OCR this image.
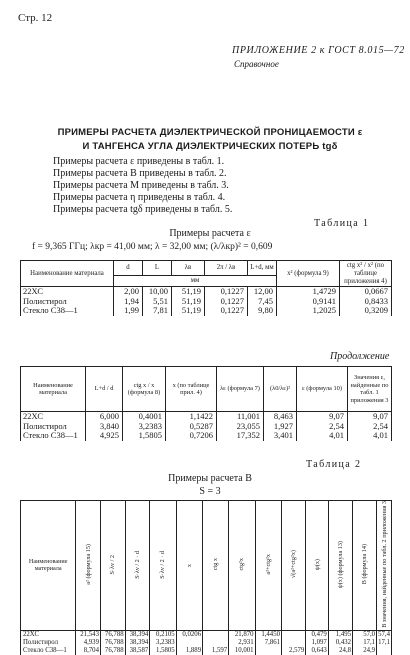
Стр. 12
ПРИЛОЖЕНИЕ 2 к ГОСТ 8.015—72
Справочное
ПРИМЕРЫ РАСЧЕТА ДИЭЛЕКТРИЧЕСКОЙ ПРОНИЦАЕМОСТИ ε
И ТАНГЕНСА УГЛА ДИЭЛЕКТРИЧЕСКИХ ПОТЕРЬ tgδ
Примеры расчета ε приведены в табл. 1.
Примеры расчета B приведены в табл. 2.
Примеры расчета M приведены в табл. 3.
Примеры расчета η приведены в табл. 4.
Примеры расчета tgδ приведены в табл. 5.
Таблица 1
Примеры расчета ε
f = 9,365 ГГц; λкр = 41,00 мм; λ = 32,00 мм; (λ/λкр)² = 0,609
Наименование материала	d	L	λв	2π / λв	L+d, мм	x² (формула 9)	ctg x² / x² (по таблице приложения 4)
	мм						
22ХС	2,00	10,00	51,19	0,1227	12,00	1,4729	0,0667
Полистирол	1,94	5,51	51,19	0,1227	7,45	0,9141	0,8433
Стекло С38—1	1,99	7,81	51,19	0,1227	9,80	1,2025	0,3209
Продолжение
Наименование материала	L+d / d	ctg x / x (формула 8)	x (по таблице прил. 4)	λε (формула 7)	(λ0/λε)²	ε (формула 10)	Значения ε, найденные по табл. 1 приложения 3
22ХС	6,000	0,4001	1,1422	11,001	8,463	9,07	9,07
Полистирол	3,840	3,2383	0,5287	23,055	1,927	2,54	2,54
Стекло С38—1	4,925	1,5805	0,7206	17,352	3,401	4,01	4,01
Таблица 2
Примеры расчета B
S = 3
Наименование материала	a² (формула 15)	S·λv / 2	S·λv / 2 · d	S·λv / 2 · d	x	ctg x	ctg²x	a²+ctg²x	√(a²+ctg²x)	ψ(x)	ψ(x) (формула 13)	B (формула 14)	B значения, найденные по табл. 2 приложения 3
22ХС	21,543	76,788	38,394	0,2105	0,0206		21,870	1,4450		0,479	1,495	57,0	57,4
Полистирол	4,939	76,788	38,394	3,2383			2,931	7,861		1,097	0,432	17,1	17,1
Стекло С38—1	8,704	76,788	38,587	1,5805	1,889	1,597	10,001		2,579	0,643	24,8	24,9	
